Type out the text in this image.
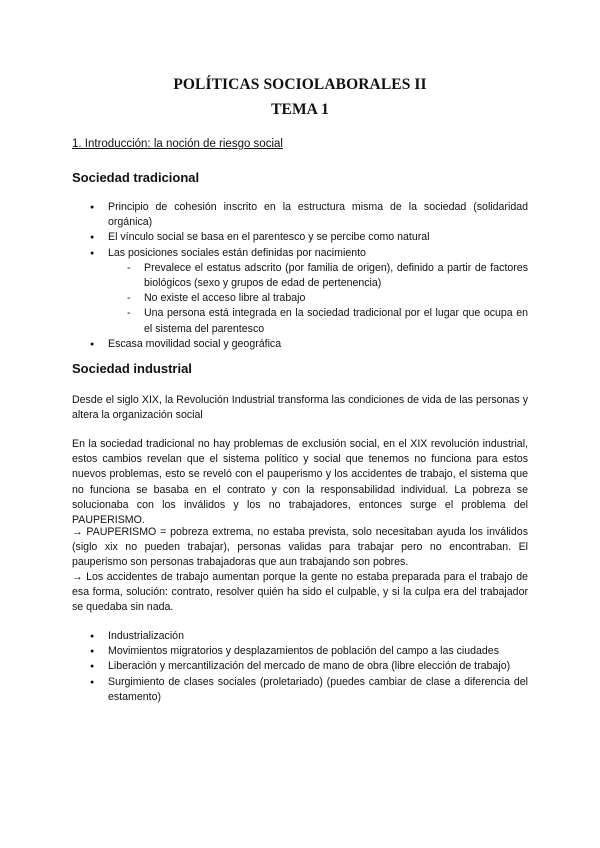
POLÍTICAS SOCIOLABORALES II
TEMA 1
1. Introducción: la noción de riesgo social
Sociedad tradicional
● Principio de cohesión inscrito en la estructura misma de la sociedad (solidaridad orgánica)
● El vínculo social se basa en el parentesco y se percibe como natural
● Las posiciones sociales están definidas por nacimiento
- Prevalece el estatus adscrito (por familia de origen), definido a partir de factores biológicos (sexo y grupos de edad de pertenencia)
- No existe el acceso libre al trabajo
- Una persona está integrada en la sociedad tradicional por el lugar que ocupa en el sistema del parentesco
● Escasa movilidad social y geográfica
Sociedad industrial

Desde el siglo XIX, la Revolución Industrial transforma las condiciones de vida de las personas y altera la organización social

En la sociedad tradicional no hay problemas de exclusión social, en el XIX revolución industrial, estos cambios revelan que el sistema político y social que tenemos no funciona para estos nuevos problemas, esto se reveló con el pauperismo y los accidentes de trabajo, el sistema que no funciona se basaba en el contrato y con la responsabilidad individual. La pobreza se solucionaba con los inválidos y los no trabajadores, entonces surge el problema del PAUPERISMO.

→ PAUPERISMO = pobreza extrema, no estaba prevista, solo necesitaban ayuda los inválidos (siglo xix no pueden trabajar), personas validas para trabajar pero no encontraban. El pauperismo son personas trabajadoras que aun trabajando son pobres.

→ Los accidentes de trabajo aumentan porque la gente no estaba preparada para el trabajo de esa forma, solución: contrato, resolver quién ha sido el culpable, y si la culpa era del trabajador se quedaba sin nada.

● Industrialización
● Movimientos migratorios y desplazamientos de población del campo a las ciudades
● Liberación y mercantilización del mercado de mano de obra (libre elección de trabajo)
● Surgimiento de clases sociales (proletariado) (puedes cambiar de clase a diferencia del estamento)
